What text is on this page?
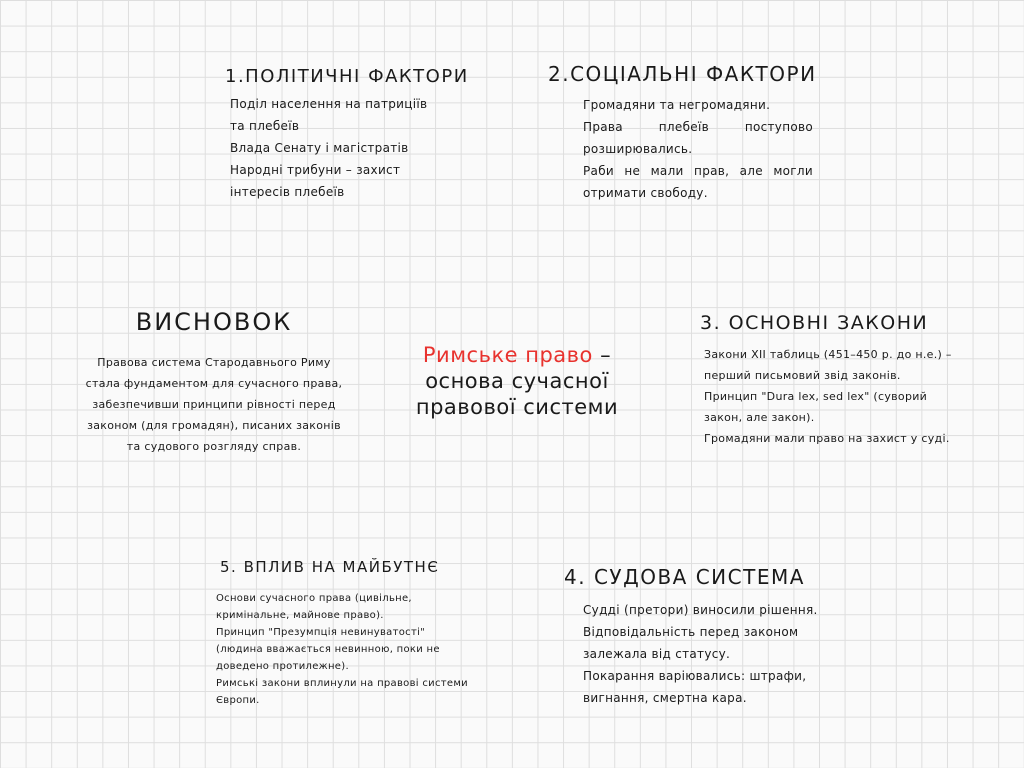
1.ПОЛІТИЧНІ ФАКТОРИ

Поділ населення на патриціїв

та плебеїв

Влада Сенату і магістратів

Народні трибуни – захист

інтересів плебеїв

2.СОЦІАЛЬНІ ФАКТОРИ

Громадяни та негромадяни.

Права плебеїв поступово розширювались.

Раби не мали прав, але могли отримати свободу.

ВИСНОВОК

Правова система Стародавнього Риму стала фундаментом для сучасного права, забезпечивши принципи рівності перед законом (для громадян), писаних законів та судового розгляду справ.

Римське право –
основа сучасної
правової системи
3. ОСНОВНІ ЗАКОНИ

Закони XII таблиць (451–450 р. до н.е.) – перший письмовий звід законів.

Принцип "Dura lex, sed lex" (суворий закон, але закон).

Громадяни мали право на захист у суді.

5. ВПЛИВ НА МАЙБУТНЄ

Основи сучасного права (цивільне, кримінальне, майнове право).

Принцип "Презумпція невинуватості" (людина вважається невинною, поки не доведено протилежне).

Римські закони вплинули на правові системи Європи.

4. СУДОВА СИСТЕМА

Судді (претори) виносили рішення.

Відповідальність перед законом залежала від статусу.

Покарання варіювались: штрафи, вигнання, смертна кара.
